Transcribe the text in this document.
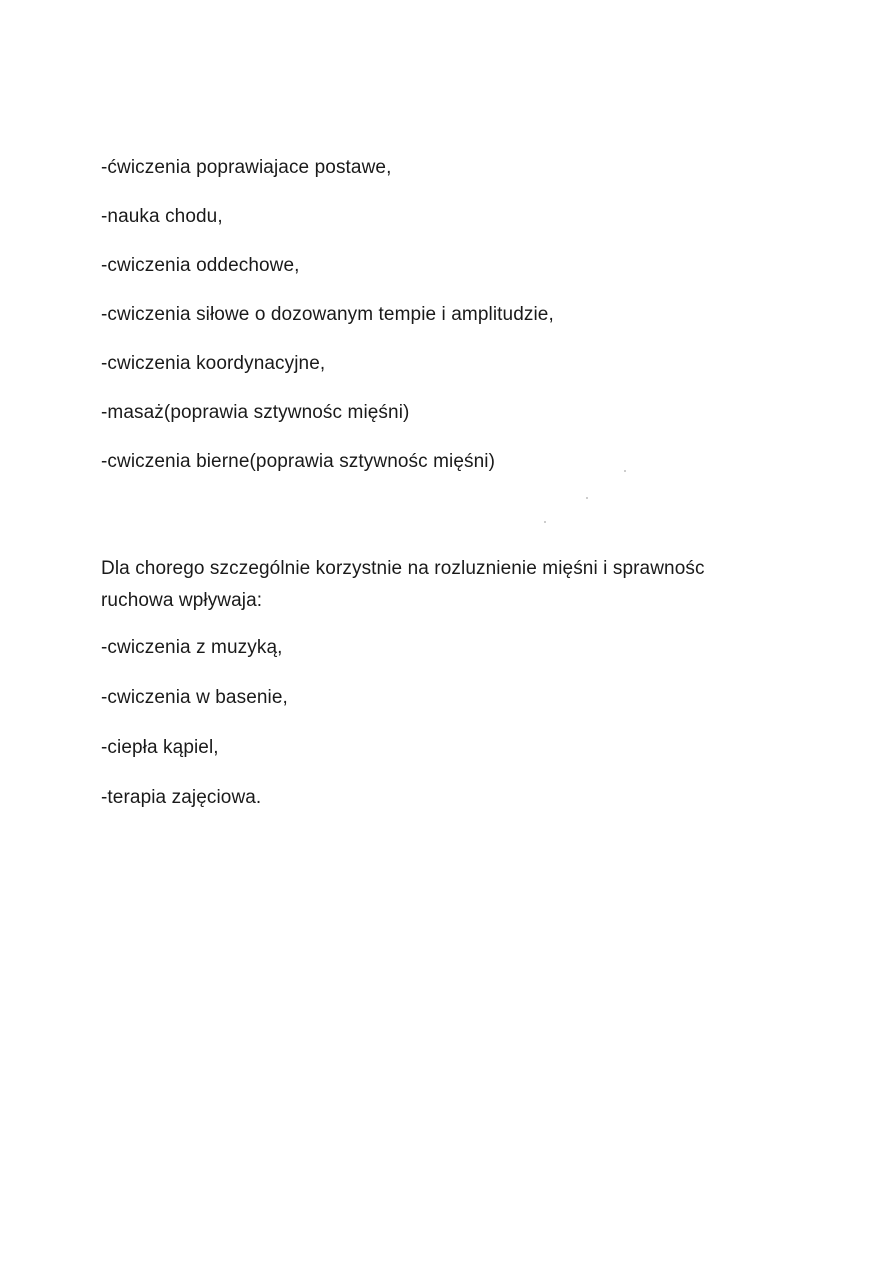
-ćwiczenia poprawiajace postawe,
-nauka chodu,
-cwiczenia oddechowe,
-cwiczenia siłowe o dozowanym tempie i amplitudzie,
-cwiczenia koordynacyjne,
-masaż(poprawia sztywnośc mięśni)
-cwiczenia bierne(poprawia sztywnośc mięśni)
Dla chorego szczególnie korzystnie na rozluznienie mięśni i sprawnośc
ruchowa wpływaja:
-cwiczenia z muzyką,
-cwiczenia w basenie,
-ciepła kąpiel,
-terapia zajęciowa.
